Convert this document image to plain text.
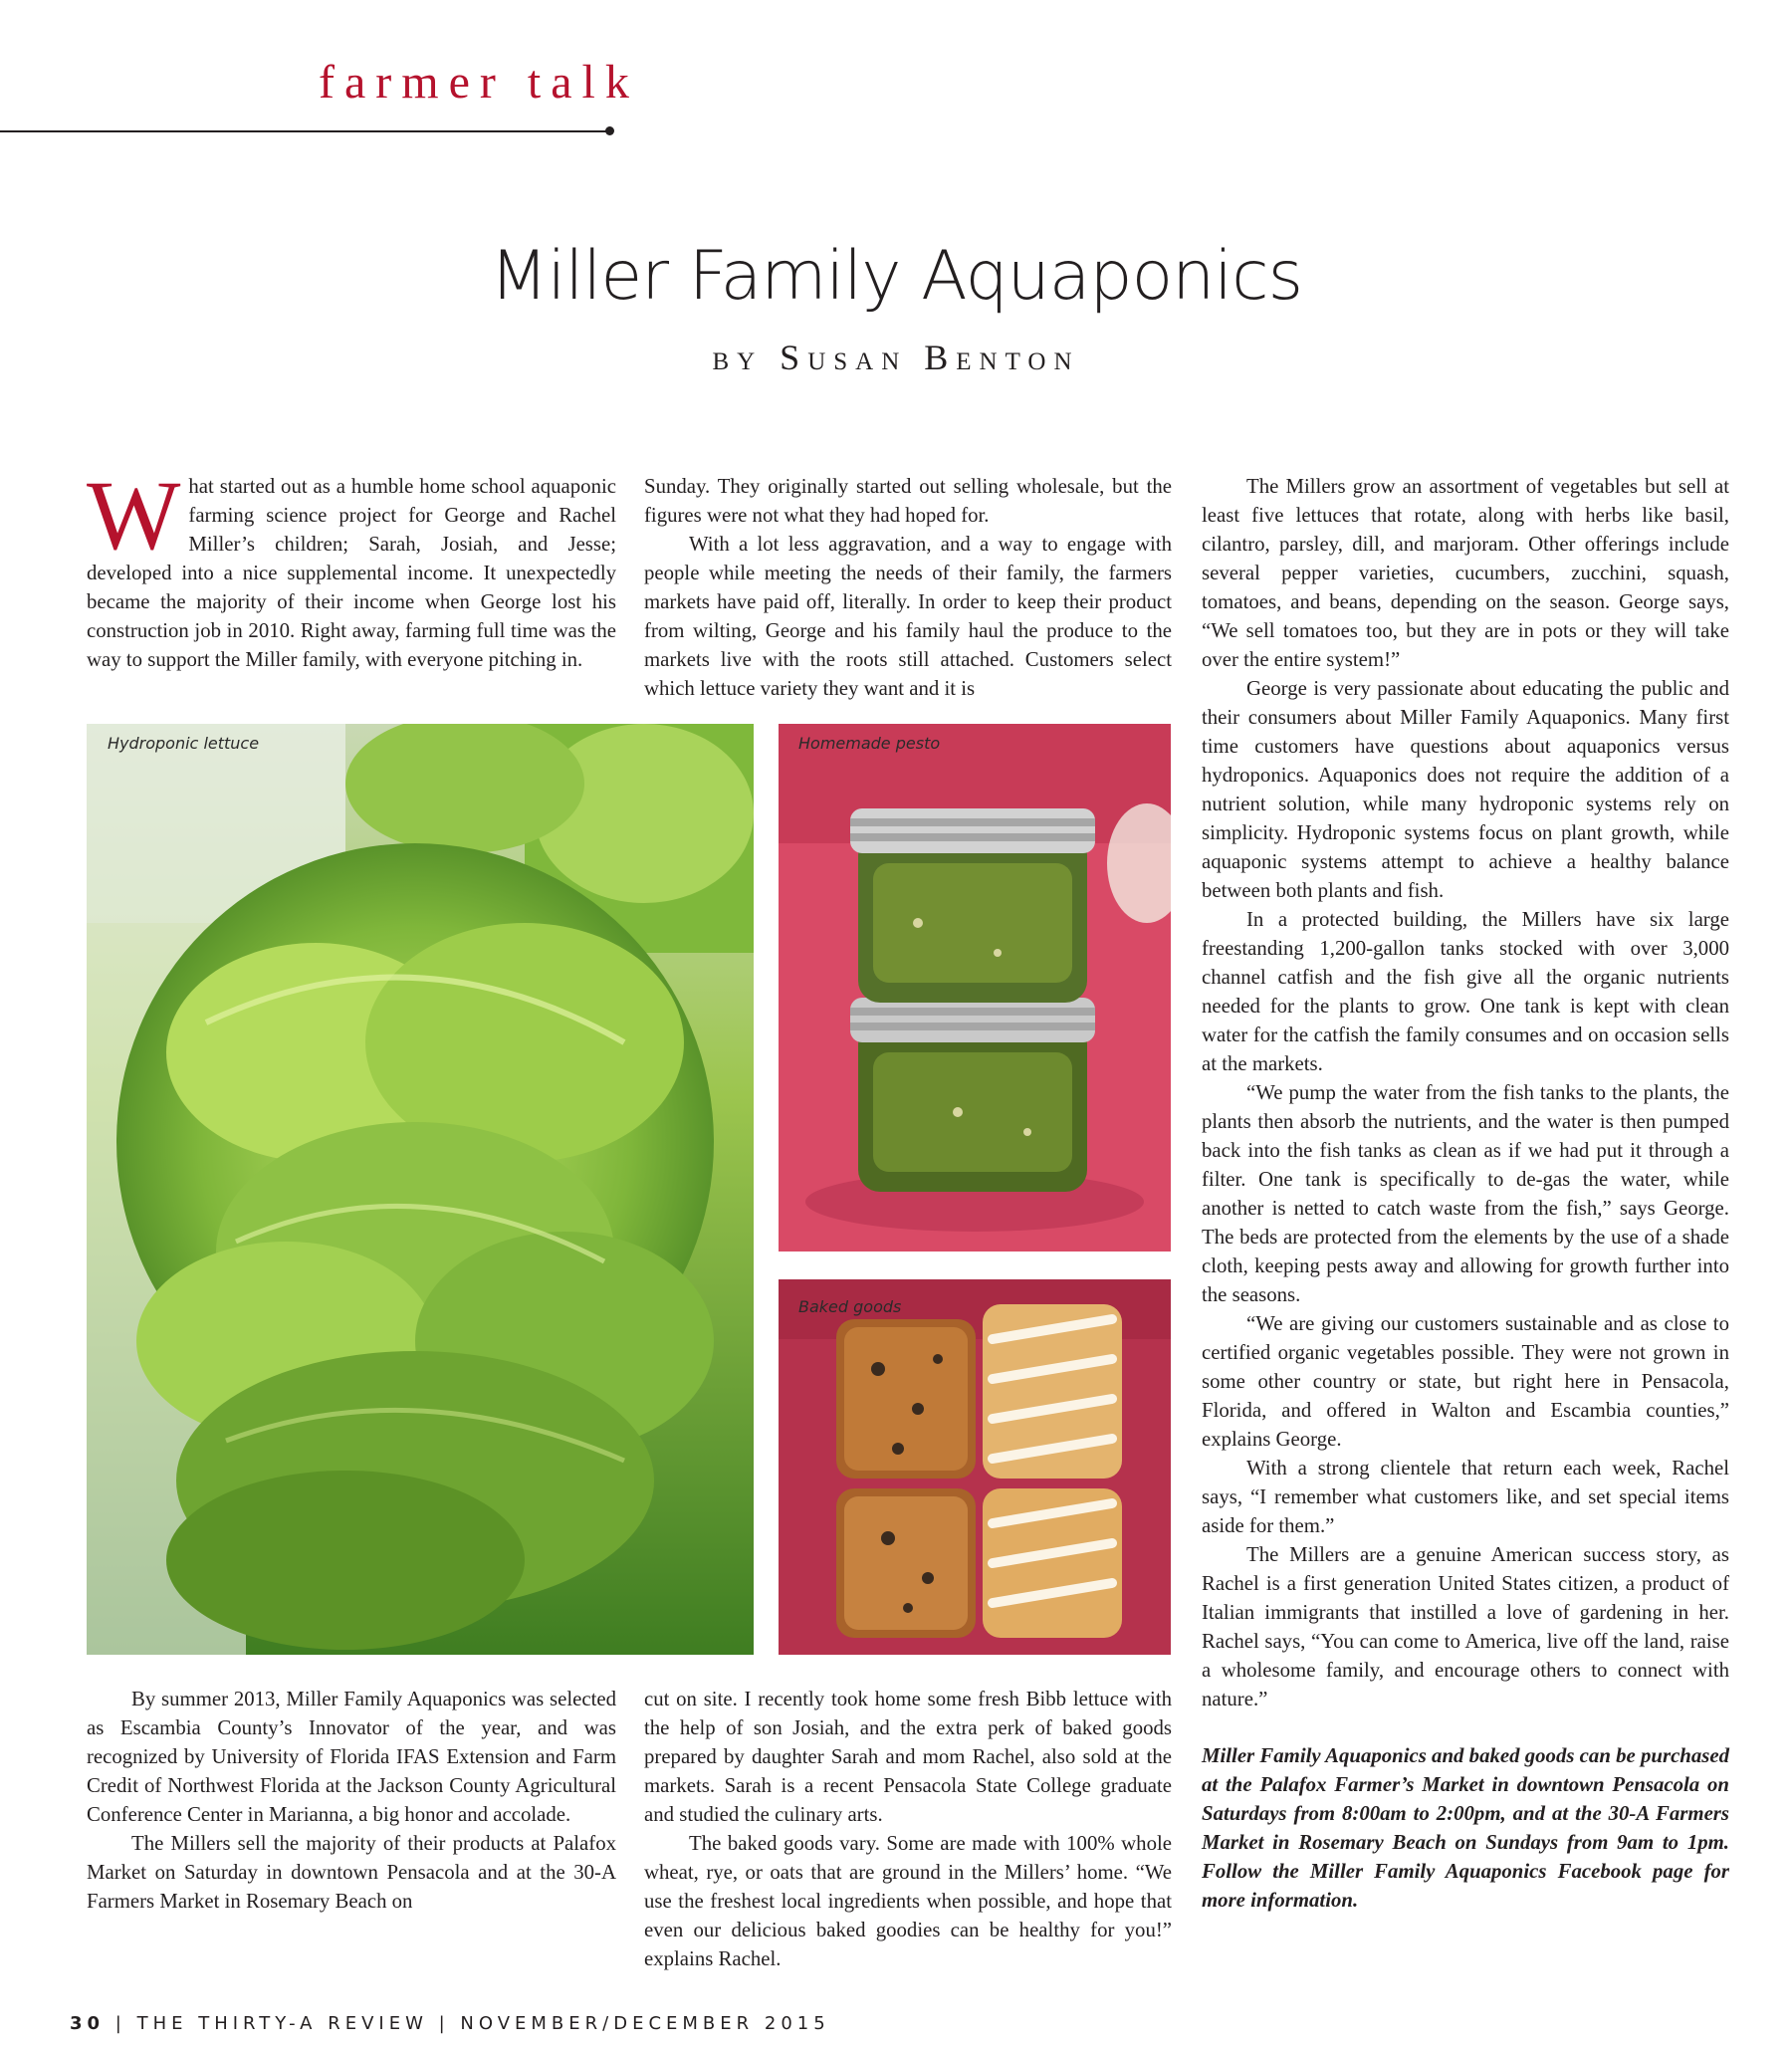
farmer talk
Miller Family Aquaponics
by Susan Benton

What started out as a humble home school aquaponic farming science project for George and Rachel Miller’s children; Sarah, Josiah, and Jesse; developed into a nice supplemental income. It unexpectedly became the majority of their income when George lost his construction job in 2010. Right away, farming full time was the way to support the Miller family, with everyone pitching in.

Sunday. They originally started out selling wholesale, but the figures were not what they had hoped for.

With a lot less aggravation, and a way to engage with people while meeting the needs of their family, the farmers markets have paid off, literally. In order to keep their product from wilting, George and his family haul the produce to the markets live with the roots still attached. Customers select which lettuce variety they want and it is

Hydroponic lettuce	Homemade pesto
Baked goods

By summer 2013, Miller Family Aquaponics was selected as Escambia County’s Innovator of the year, and was recognized by University of Florida IFAS Extension and Farm Credit of Northwest Florida at the Jackson County Agricultural Conference Center in Marianna, a big honor and accolade.

The Millers sell the majority of their products at Palafox Market on Saturday in downtown Pensacola and at the 30-A Farmers Market in Rosemary Beach on

cut on site. I recently took home some fresh Bibb lettuce with the help of son Josiah, and the extra perk of baked goods prepared by daughter Sarah and mom Rachel, also sold at the markets. Sarah is a recent Pensacola State College graduate and studied the culinary arts.

The baked goods vary. Some are made with 100% whole wheat, rye, or oats that are ground in the Millers’ home. “We use the freshest local ingredients when possible, and hope that even our delicious baked goodies can be healthy for you!” explains Rachel.

The Millers grow an assortment of vegetables but sell at least five lettuces that rotate, along with herbs like basil, cilantro, parsley, dill, and marjoram. Other offerings include several pepper varieties, cucumbers, zucchini, squash, tomatoes, and beans, depending on the season. George says, “We sell tomatoes too, but they are in pots or they will take over the entire system!”

George is very passionate about educating the public and their consumers about Miller Family Aquaponics. Many first time customers have questions about aquaponics versus hydroponics. Aquaponics does not require the addition of a nutrient solution, while many hydroponic systems rely on simplicity. Hydroponic systems focus on plant growth, while aquaponic systems attempt to achieve a healthy balance between both plants and fish.

In a protected building, the Millers have six large freestanding 1,200-gallon tanks stocked with over 3,000 channel catfish and the fish give all the organic nutrients needed for the plants to grow. One tank is kept with clean water for the catfish the family consumes and on occasion sells at the markets.

“We pump the water from the fish tanks to the plants, the plants then absorb the nutrients, and the water is then pumped back into the fish tanks as clean as if we had put it through a filter. One tank is specifically to de-gas the water, while another is netted to catch waste from the fish,” says George. The beds are protected from the elements by the use of a shade cloth, keeping pests away and allowing for growth further into the seasons.

“We are giving our customers sustainable and as close to certified organic vegetables possible. They were not grown in some other country or state, but right here in Pensacola, Florida, and offered in Walton and Escambia counties,” explains George.

With a strong clientele that return each week, Rachel says, “I remember what customers like, and set special items aside for them.”

The Millers are a genuine American success story, as Rachel is a first generation United States citizen, a product of Italian immigrants that instilled a love of gardening in her. Rachel says, “You can come to America, live off the land, raise a wholesome family, and encourage others to connect with nature.”

Miller Family Aquaponics and baked goods can be purchased at the Palafox Farmer’s Market in downtown Pensacola on Saturdays from 8:00am to 2:00pm, and at the 30-A Farmers Market in Rosemary Beach on Sundays from 9am to 1pm. Follow the Miller Family Aquaponics Facebook page for more information.

30 | THE THIRTY-A REVIEW | NOVEMBER/DECEMBER 2015
